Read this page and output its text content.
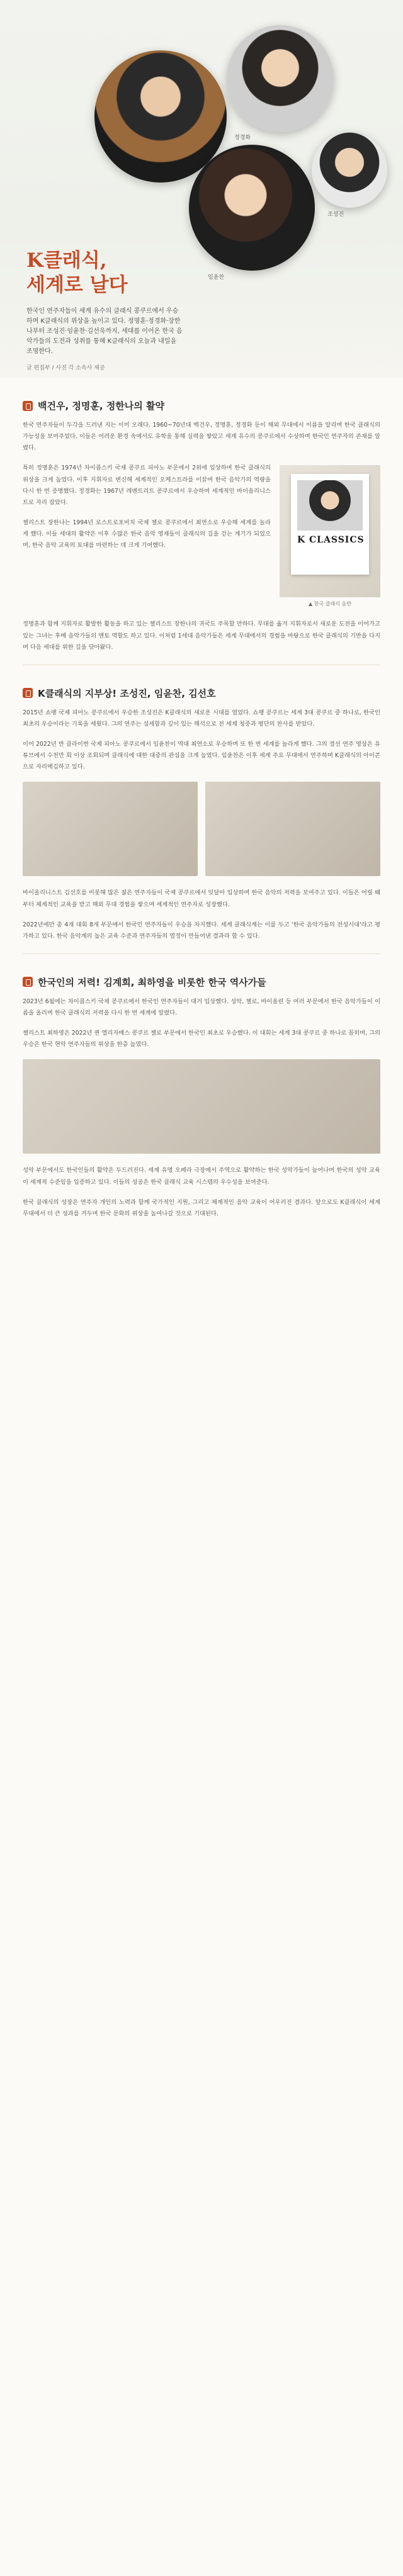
정경화
조성진
임윤찬
K클래식,
세계로 날다

한국인 연주자들이 세계 유수의 클래식 콩쿠르에서 우승하며 K클래식의 위상을 높이고 있다. 정명훈·정경화·장한나부터 조성진·임윤찬·김선욱까지, 세대를 이어온 한국 음악가들의 도전과 성취를 통해 K클래식의 오늘과 내일을 조명한다.

글 편집부 / 사진 각 소속사 제공
백건우, 정명훈, 정한나의 활약

한국 연주자들이 두각을 드러낸 지는 이미 오래다. 1960~70년대 백건우, 정명훈, 정경화 등이 해외 무대에서 이름을 알리며 한국 클래식의 가능성을 보여주었다. 이들은 어려운 환경 속에서도 유학을 통해 실력을 쌓았고 세계 유수의 콩쿠르에서 수상하며 한국인 연주자의 존재를 알렸다.

K CLASSICS
▲ 한국 클래식 음반

특히 정명훈은 1974년 차이콥스키 국제 콩쿠르 피아노 부문에서 2위에 입상하며 한국 클래식의 위상을 크게 높였다. 이후 지휘자로 변신해 세계적인 오케스트라를 이끌며 한국 음악가의 역량을 다시 한 번 증명했다. 정경화는 1967년 레벤트리트 콩쿠르에서 우승하며 세계적인 바이올리니스트로 자리 잡았다.

첼리스트 장한나는 1994년 로스트로포비치 국제 첼로 콩쿠르에서 최연소로 우승해 세계를 놀라게 했다. 이들 세대의 활약은 이후 수많은 한국 음악 영재들이 클래식의 길을 걷는 계기가 되었으며, 한국 음악 교육의 토대를 마련하는 데 크게 기여했다.

정명훈과 함께 지휘자로 활발한 활동을 하고 있는 첼리스트 장한나의 귀국도 주목할 만하다. 무대를 옮겨 지휘자로서 새로운 도전을 이어가고 있는 그녀는 후배 음악가들의 멘토 역할도 하고 있다. 이처럼 1세대 음악가들은 세계 무대에서의 경험을 바탕으로 한국 클래식의 기반을 다지며 다음 세대를 위한 길을 닦아왔다.

K클래식의 지부상! 조성진, 임윤찬, 김선호

2015년 쇼팽 국제 피아노 콩쿠르에서 우승한 조성진은 K클래식의 새로운 시대를 열었다. 쇼팽 콩쿠르는 세계 3대 콩쿠르 중 하나로, 한국인 최초의 우승이라는 기록을 세웠다. 그의 연주는 섬세함과 깊이 있는 해석으로 전 세계 청중과 평단의 찬사를 받았다.

이어 2022년 반 클라이번 국제 피아노 콩쿠르에서 임윤찬이 역대 최연소로 우승하며 또 한 번 세계를 놀라게 했다. 그의 결선 연주 영상은 유튜브에서 수천만 회 이상 조회되며 클래식에 대한 대중의 관심을 크게 높였다. 임윤찬은 이후 세계 주요 무대에서 연주하며 K클래식의 아이콘으로 자리매김하고 있다.

바이올리니스트 김선호를 비롯해 많은 젊은 연주자들이 국제 콩쿠르에서 잇달아 입상하며 한국 음악의 저력을 보여주고 있다. 이들은 어릴 때부터 체계적인 교육을 받고 해외 무대 경험을 쌓으며 세계적인 연주자로 성장했다.

2022년에만 총 4개 대회 8개 부문에서 한국인 연주자들이 우승을 차지했다. 세계 클래식계는 이를 두고 '한국 음악가들의 전성시대'라고 평가하고 있다. 한국 음악계의 높은 교육 수준과 연주자들의 열정이 만들어낸 결과라 할 수 있다.

한국인의 저력! 김계희, 최하영을 비롯한 한국 역사가들

2023년 6월에는 차이콥스키 국제 콩쿠르에서 한국인 연주자들이 대거 입상했다. 성악, 첼로, 바이올린 등 여러 부문에서 한국 음악가들이 이름을 올리며 한국 클래식의 저력을 다시 한 번 세계에 알렸다.

첼리스트 최하영은 2022년 퀸 엘리자베스 콩쿠르 첼로 부문에서 한국인 최초로 우승했다. 이 대회는 세계 3대 콩쿠르 중 하나로 꼽히며, 그의 우승은 한국 현악 연주자들의 위상을 한층 높였다.

성악 부문에서도 한국인들의 활약은 두드러진다. 세계 유명 오페라 극장에서 주역으로 활약하는 한국 성악가들이 늘어나며 한국의 성악 교육이 세계적 수준임을 입증하고 있다. 이들의 성공은 한국 클래식 교육 시스템의 우수성을 보여준다.

한국 클래식의 성장은 연주자 개인의 노력과 함께 국가적인 지원, 그리고 체계적인 음악 교육이 어우러진 결과다. 앞으로도 K클래식이 세계 무대에서 더 큰 성과를 거두며 한국 문화의 위상을 높여나갈 것으로 기대된다.
